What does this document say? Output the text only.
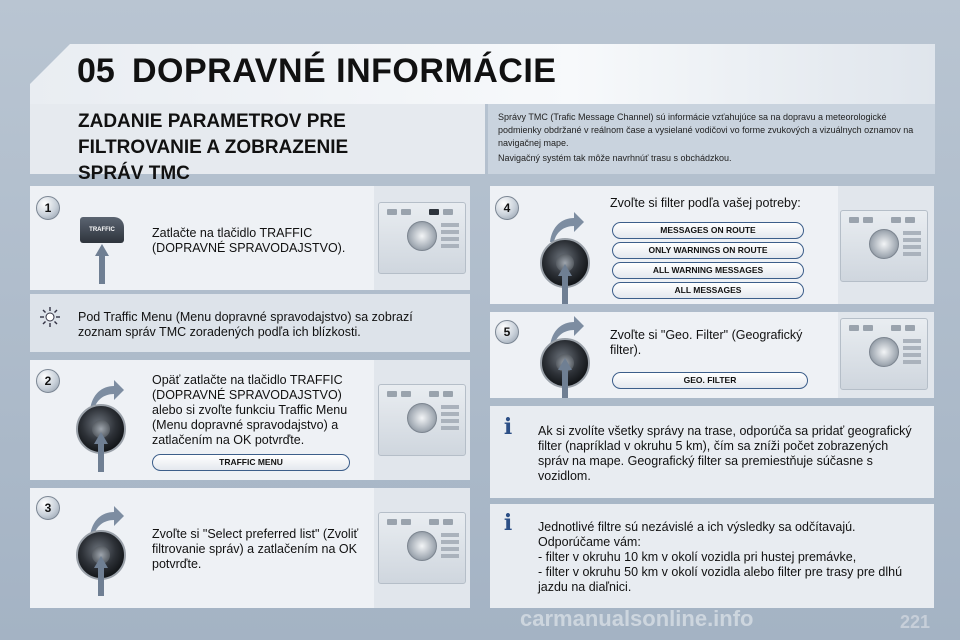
05 DOPRAVNÉ INFORMÁCIE
ZADANIE PARAMETROV PRE
FILTROVANIE A ZOBRAZENIE
SPRÁV TMC
Správy TMC (Trafic Message Channel) sú informácie vzťahujúce sa na dopravu a meteorologické podmienky obdržané v reálnom čase a vysielané vodičovi vo forme zvukových a vizuálnych oznamov na navigačnej mape.
Navigačný systém tak môže navrhnúť trasu s obchádzkou.
1
TRAFFIC	Zatlačte na tlačidlo TRAFFIC
(DOPRAVNÉ SPRAVODAJSTVO).
Pod Traffic Menu (Menu dopravné spravodajstvo) sa zobrazí
zoznam správ TMC zoradených podľa ich blízkosti.
2	Opäť zatlačte na tlačidlo TRAFFIC
(DOPRAVNÉ SPRAVODAJSTVO)
alebo si zvoľte funkciu Traffic Menu
(Menu dopravné spravodajstvo) a
zatlačením na OK potvrďte.
TRAFFIC MENU
3
Zvoľte si "Select preferred list" (Zvoliť
filtrovanie správ) a zatlačením na OK
potvrďte.
4	Zvoľte si filter podľa vašej potreby:
MESSAGES ON ROUTE
ONLY WARNINGS ON ROUTE
ALL WARNING MESSAGES
ALL MESSAGES
5	Zvoľte si "Geo. Filter" (Geografický
filter).
GEO. FILTER
i	Ak si zvolíte všetky správy na trase, odporúča sa pridať geografický
filter (napríklad v okruhu 5 km), čím sa zníži počet zobrazených
správ na mape. Geografický filter sa premiestňuje súčasne s
vozidlom.
i	Jednotlivé filtre sú nezávislé a ich výsledky sa odčítavajú.
Odporúčame vám:
- filter v okruhu 10 km v okolí vozidla pri hustej premávke,
- filter v okruhu 50 km v okolí vozidla alebo filter pre trasy pre dlhú
jazdu na diaľnici.
carmanualsonline.info	221
